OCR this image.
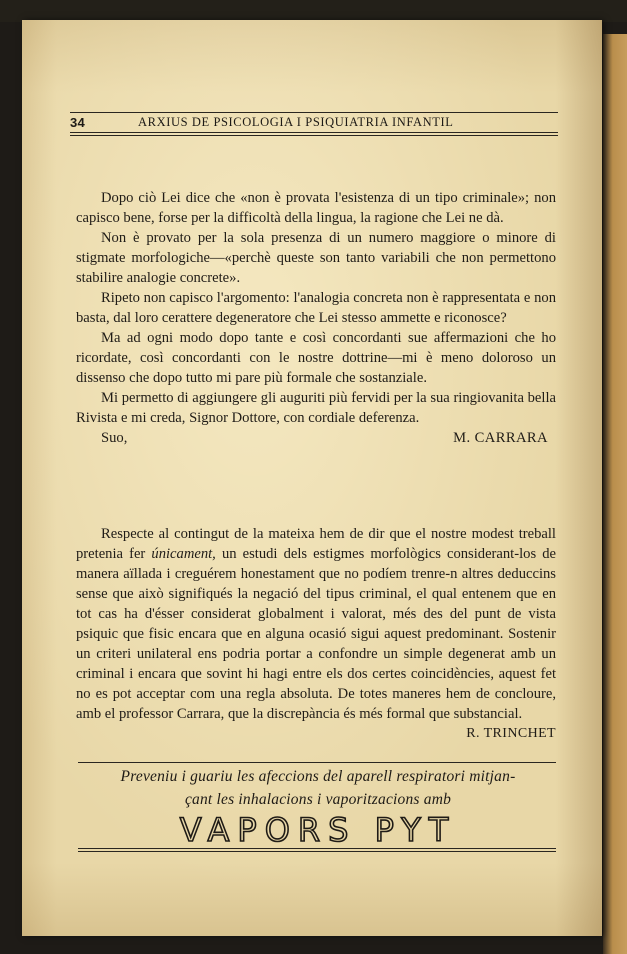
34	ARXIUS DE PSICOLOGIA I PSIQUIATRIA INFANTIL

Dopo ciò Lei dice che «non è provata l'esistenza di un tipo criminale»; non capisco bene, forse per la difficoltà della lingua, la ragione che Lei ne dà.

Non è provato per la sola presenza di un numero maggiore o minore di stigmate morfologiche—«perchè queste son tanto variabili che non permettono stabilire analogie concrete».

Ripeto non capisco l'argomento: l'analogia concreta non è rappresentata e non basta, dal loro cerattere degeneratore che Lei stesso ammette e riconosce?

Ma ad ogni modo dopo tante e così concordanti sue affermazioni che ho ricordate, così concordanti con le nostre dottrine—mi è meno doloroso un dissenso che dopo tutto mi pare più formale che sostanziale.

Mi permetto di aggiungere gli auguriti più fervidi per la sua ringiovanita bella Rivista e mi creda, Signor Dottore, con cordiale deferenza.

Suo,	M. CARRARA

Respecte al contingut de la mateixa hem de dir que el nostre modest treball pretenia fer únicament, un estudi dels estigmes morfològics considerant-los de manera aïllada i creguérem honestament que no podíem trenre-n altres deduccins sense que això signifiqués la negació del tipus criminal, el qual entenem que en tot cas ha d'ésser considerat globalment i valorat, més des del punt de vista psiquic que fisic encara que en alguna ocasió sigui aquest predominant. Sostenir un criteri unilateral ens podria portar a confondre un simple degenerat amb un criminal i encara que sovint hi hagi entre els dos certes coincidències, aquest fet no es pot acceptar com una regla absoluta. De totes maneres hem de concloure, amb el professor Carrara, que la discrepància és més formal que substancial.

R. TRINCHET
Preveniu i guariu les afeccions del aparell respiratori mitjan-
çant les inhalacions i vaporitzacions amb
VAPORS PYT
